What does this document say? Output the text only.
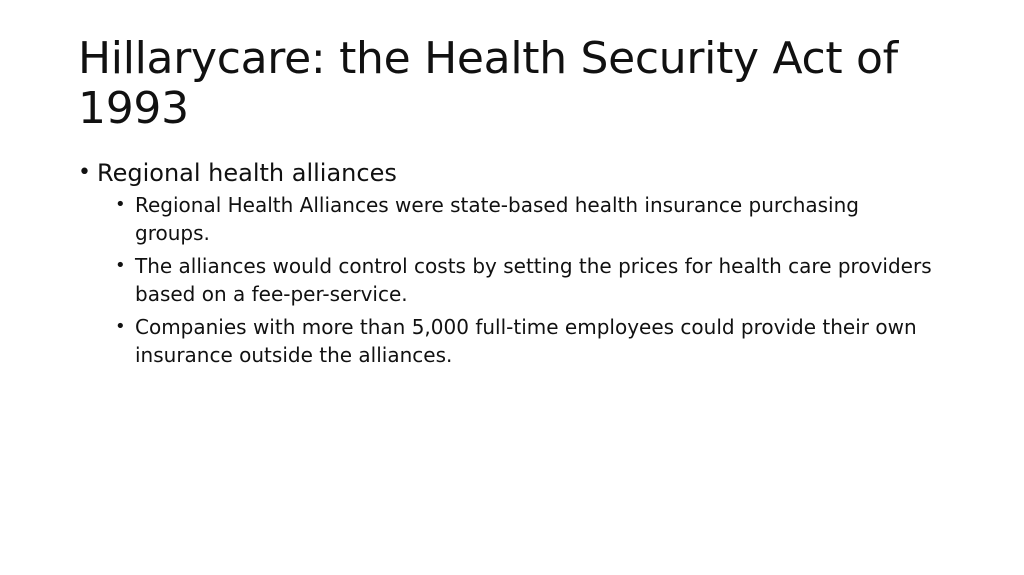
Hillarycare: the Health Security Act of 1993
• Regional health alliances
• Regional Health Alliances were state-based health insurance purchasing groups.
• The alliances would control costs by setting the prices for health care providers based on a fee-per-service.
• Companies with more than 5,000 full-time employees could provide their own insurance outside the alliances.
